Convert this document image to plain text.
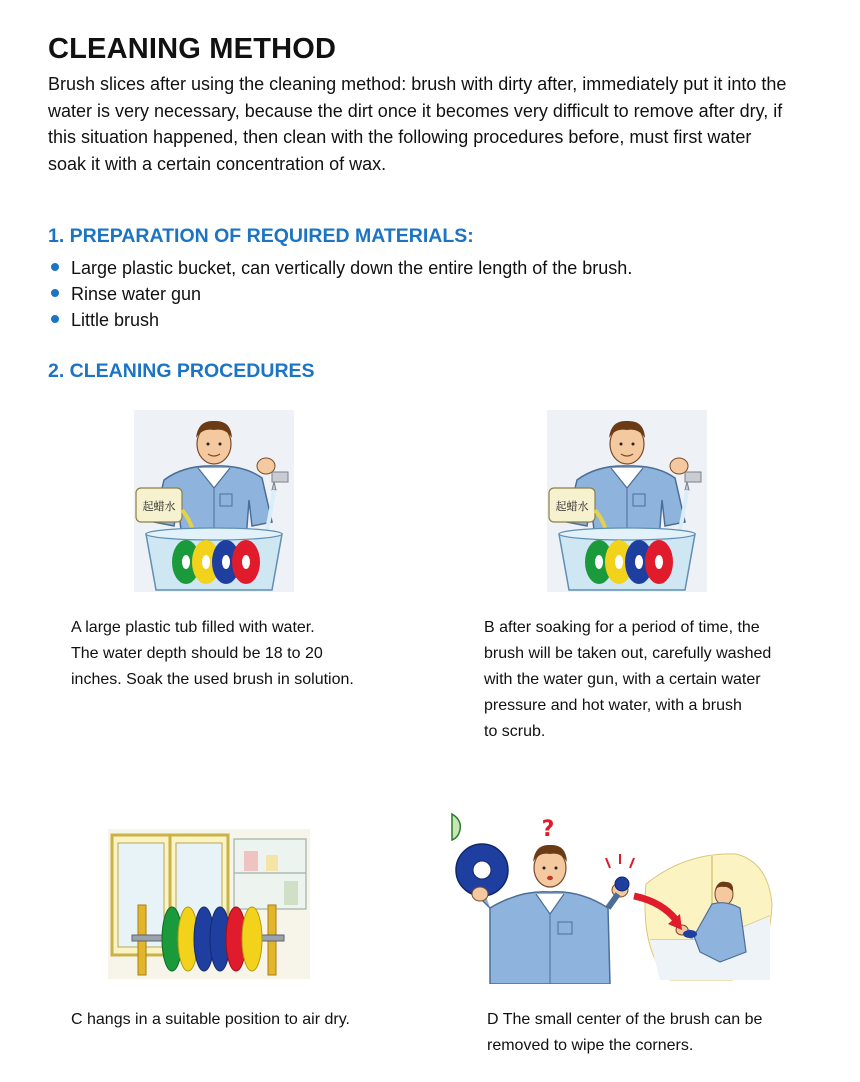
CLEANING METHOD

Brush slices after using the cleaning method: brush with dirty after, immediately put it into the water is very necessary, because the dirt once it becomes very difficult to remove after dry, if this situation happened, then clean with the following procedures before, must first water soak it with a certain concentration of wax.

1. PREPARATION OF REQUIRED MATERIALS:
Large plastic bucket, can vertically down the entire length of the brush.
Rinse water gun
Little brush
2. CLEANING PROCEDURES
起蜡水	起蜡水

A large plastic tub filled with water.
The water depth should be 18 to 20
inches. Soak the used brush in solution.

B after soaking for a period of time, the
brush will be taken out, carefully washed
with the water gun, with a certain water
pressure and hot water, with a brush
to scrub.

?

C hangs in a suitable position to air dry.	D The small center of the brush can be
removed to wipe the corners.
